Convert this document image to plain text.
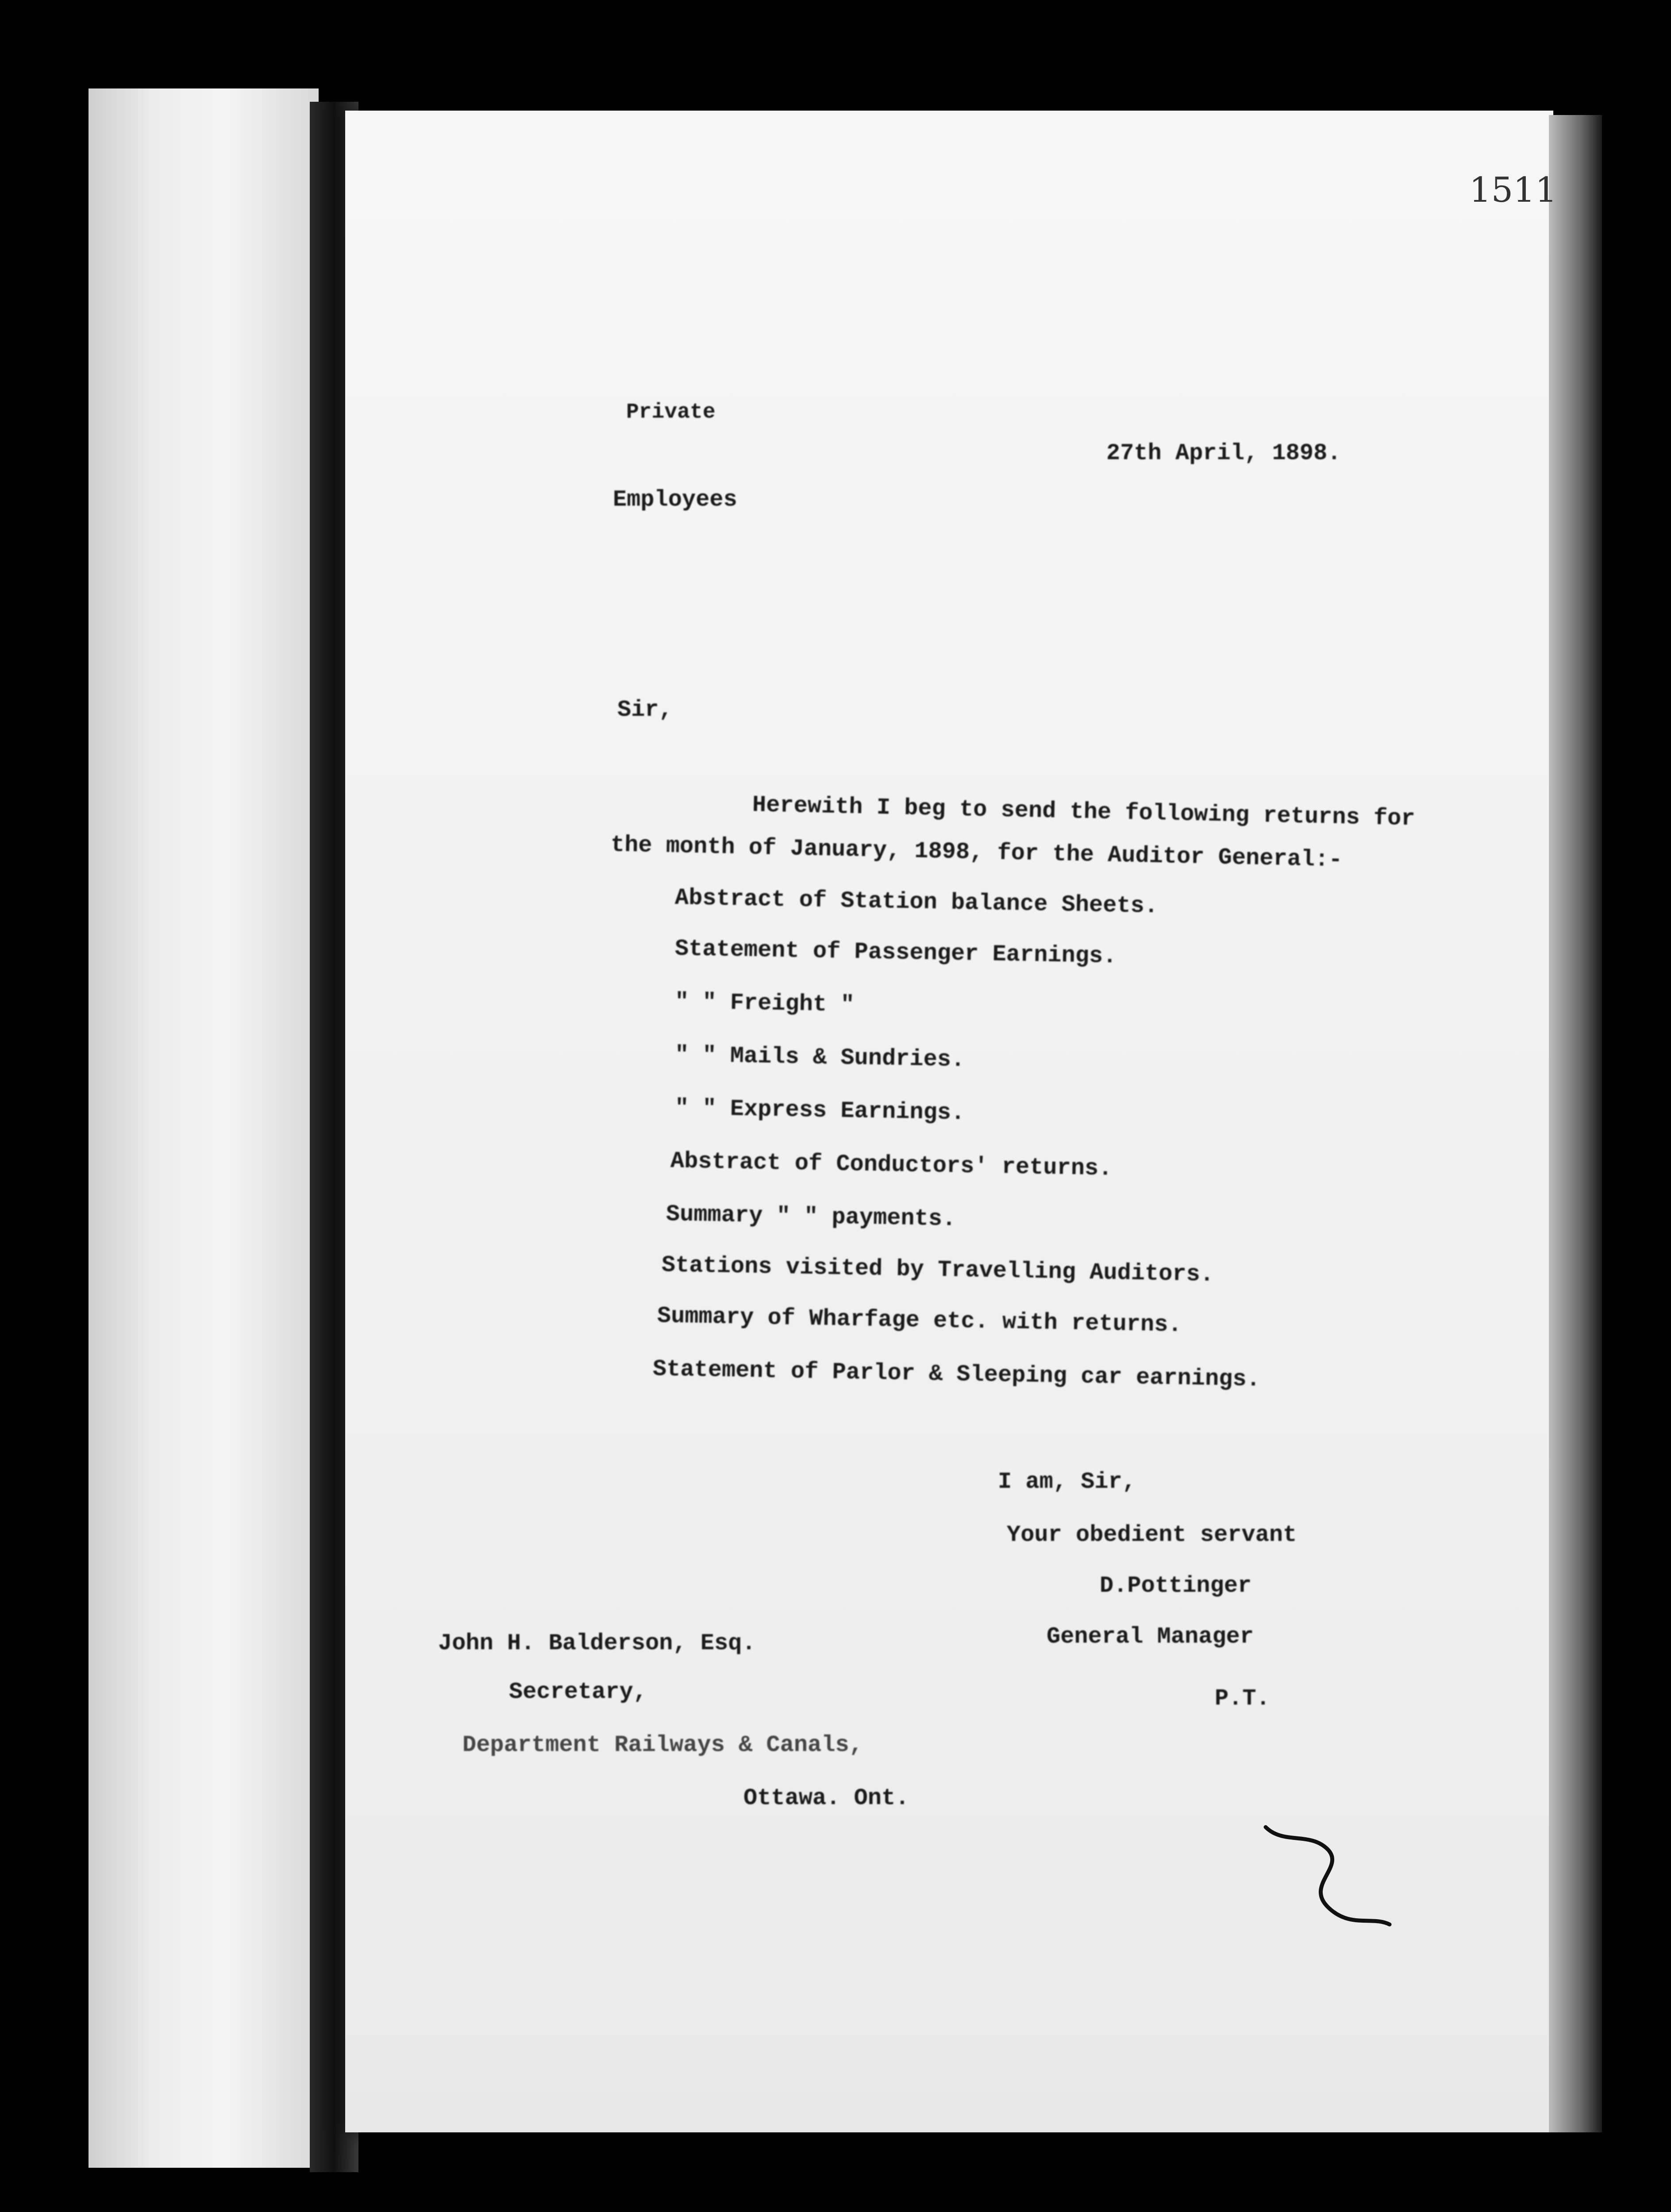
1511
Private
27th April, 1898.
Employees
Sir,
Herewith I beg to send the following returns for
the month of January, 1898, for the Auditor General:-
Abstract of Station balance Sheets.
Statement of Passenger Earnings.
" " Freight "
" " Mails & Sundries.
" " Express Earnings.
Abstract of Conductors' returns.
Summary " " payments.
Stations visited by Travelling Auditors.
Summary of Wharfage etc. with returns.
Statement of Parlor & Sleeping car earnings.
I am, Sir,
Your obedient servant
D.Pottinger
General Manager
P.T.
John H. Balderson, Esq.
Secretary,
Department Railways & Canals,
Ottawa. Ont.
